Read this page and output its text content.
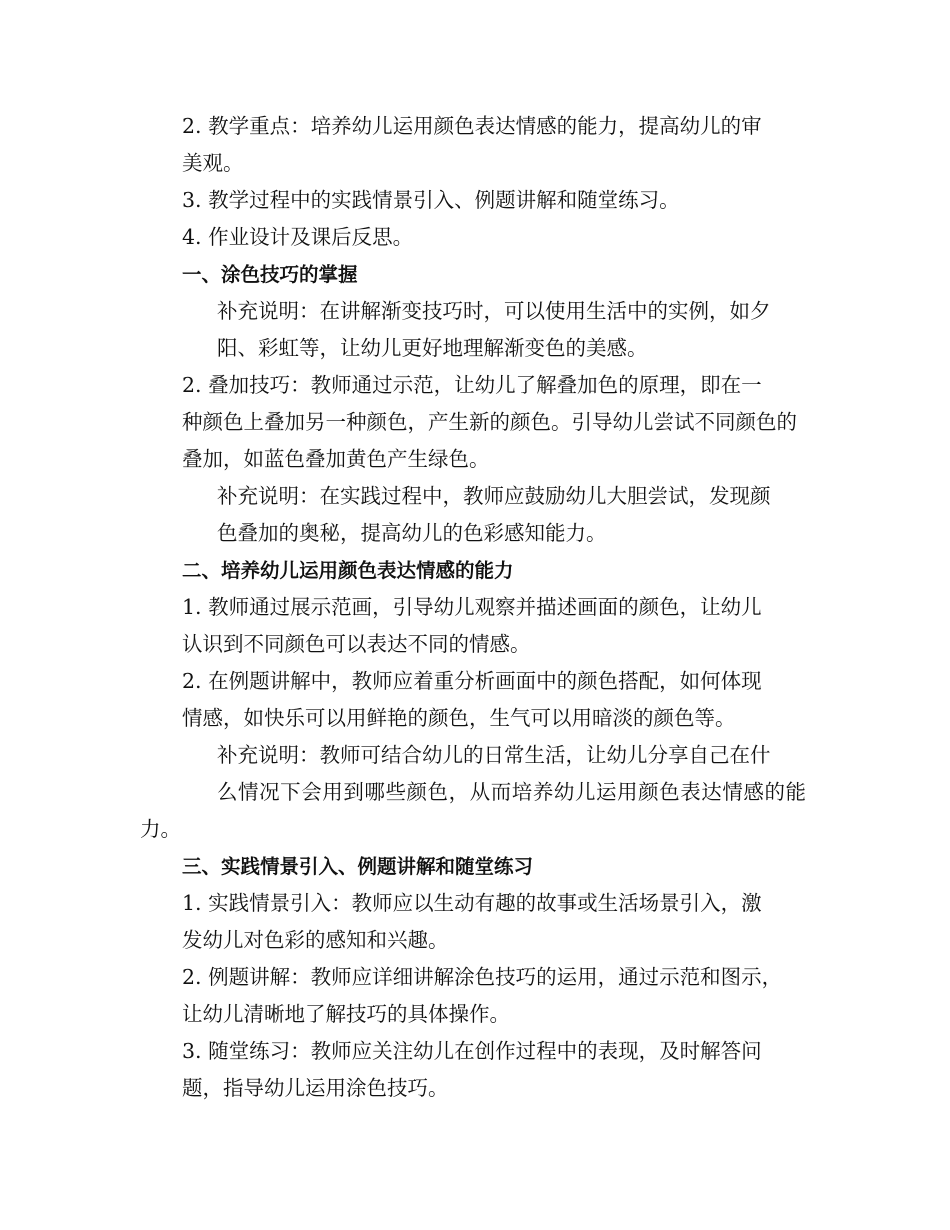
2. 教学重点：培养幼儿运用颜色表达情感的能力，提高幼儿的审
美观。

3. 教学过程中的实践情景引入、例题讲解和随堂练习。

4. 作业设计及课后反思。

一、涂色技巧的掌握

补充说明：在讲解渐变技巧时，可以使用生活中的实例，如夕
阳、彩虹等，让幼儿更好地理解渐变色的美感。

2. 叠加技巧：教师通过示范，让幼儿了解叠加色的原理，即在一
种颜色上叠加另一种颜色，产生新的颜色。引导幼儿尝试不同颜色的
叠加，如蓝色叠加黄色产生绿色。

补充说明：在实践过程中，教师应鼓励幼儿大胆尝试，发现颜
色叠加的奥秘，提高幼儿的色彩感知能力。

二、培养幼儿运用颜色表达情感的能力

1. 教师通过展示范画，引导幼儿观察并描述画面的颜色，让幼儿
认识到不同颜色可以表达不同的情感。

2. 在例题讲解中，教师应着重分析画面中的颜色搭配，如何体现
情感，如快乐可以用鲜艳的颜色，生气可以用暗淡的颜色等。

补充说明：教师可结合幼儿的日常生活，让幼儿分享自己在什
么情况下会用到哪些颜色，从而培养幼儿运用颜色表达情感的能力。

三、实践情景引入、例题讲解和随堂练习

1. 实践情景引入：教师应以生动有趣的故事或生活场景引入，激
发幼儿对色彩的感知和兴趣。

2. 例题讲解：教师应详细讲解涂色技巧的运用，通过示范和图示，
让幼儿清晰地了解技巧的具体操作。

3. 随堂练习：教师应关注幼儿在创作过程中的表现，及时解答问
题，指导幼儿运用涂色技巧。
